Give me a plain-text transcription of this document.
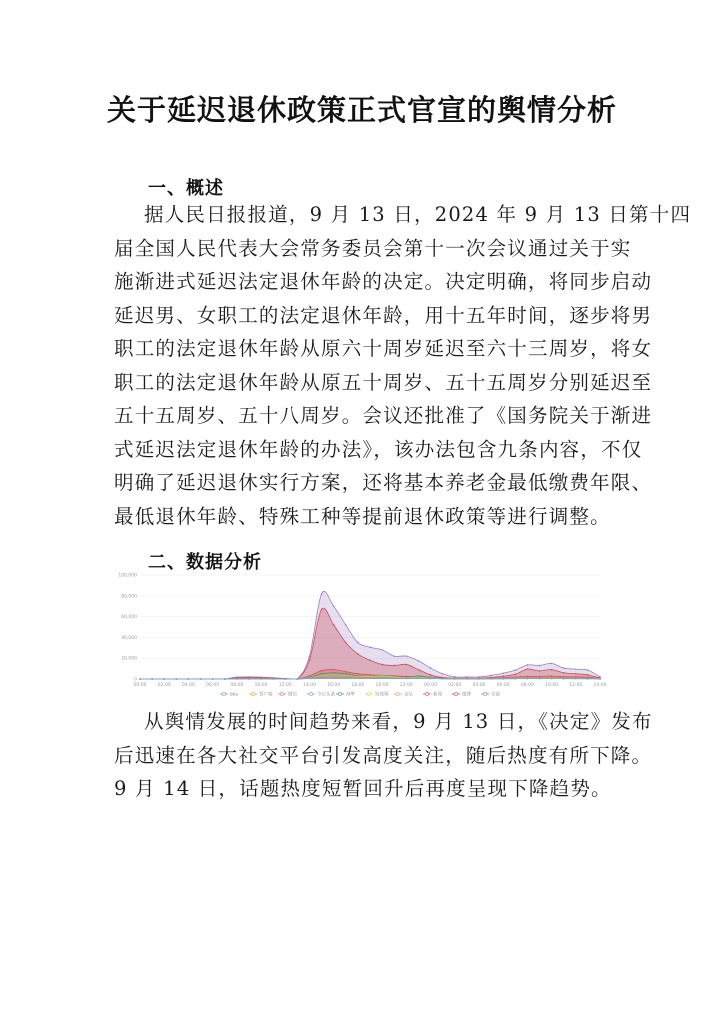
关于延迟退休政策正式官宣的舆情分析
一、概述
据人民日报报道，9 月 13 日，2024 年 9 月 13 日第十四
届全国人民代表大会常务委员会第十一次会议通过关于实
施渐进式延迟法定退休年龄的决定。决定明确，将同步启动
延迟男、女职工的法定退休年龄，用十五年时间，逐步将男
职工的法定退休年龄从原六十周岁延迟至六十三周岁，将女
职工的法定退休年龄从原五十周岁、五十五周岁分别延迟至
五十五周岁、五十八周岁。会议还批准了《国务院关于渐进
式延迟法定退休年龄的办法》，该办法包含九条内容，不仅
明确了延迟退休实行方案，还将基本养老金最低缴费年限、
最低退休年龄、特殊工种等提前退休政策等进行调整。
二、数据分析
0
20,000
40,000
60,000
80,000
100,000
00:00 02:00 04:00 06:00 08:00 10:00 12:00 14:00 16:00 18:00 20:00 22:00 00:00 02:00 04:00 06:00 08:00 10:00 12:00 14:00
bbs	客户端	微信	今日头条 APP	短视频	论坛	新闻	微博	全部
从舆情发展的时间趋势来看，9 月 13 日，《决定》发布
后迅速在各大社交平台引发高度关注，随后热度有所下降。
9 月 14 日，话题热度短暂回升后再度呈现下降趋势。
